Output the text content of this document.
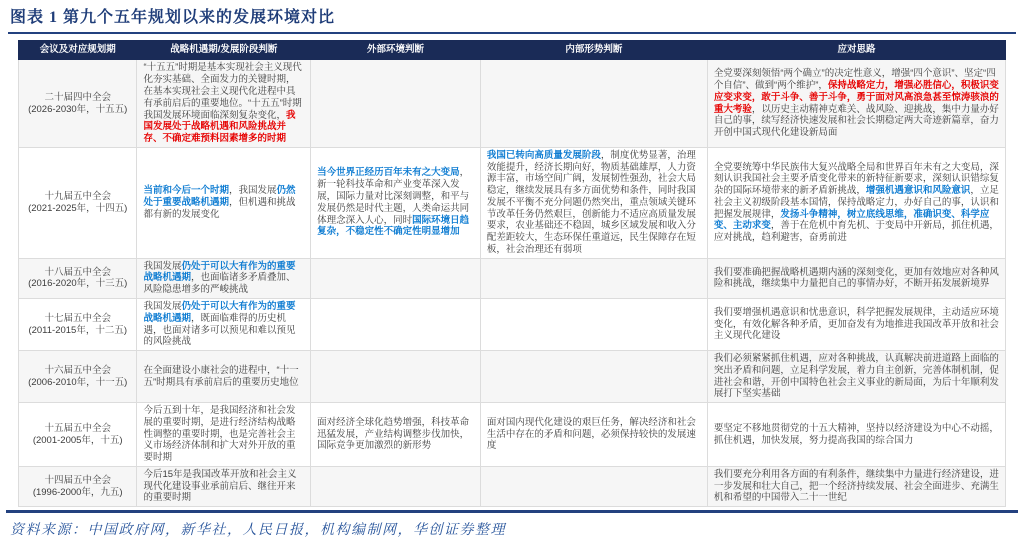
图表 1 第九个五年规划以来的发展环境对比
会议及对应规划期	战略机遇期/发展阶段判断	外部环境判断	内部形势判断	应对思路

二十届四中全会
(2026-2030年，十五五)	“十五五”时期是基本实现社会主义现代化夯实基础、全面发力的关键时期，在基本实现社会主义现代化进程中具有承前启后的重要地位。“十五五”时期我国发展环境面临深刻复杂变化，我国发展处于战略机遇和风险挑战并存、不确定难预料因素增多的时期			全党要深刻领悟“两个确立”的决定性意义，增强“四个意识”、坚定“四个自信”、做到“两个维护”，保持战略定力，增强必胜信心，积极识变应变求变，敢于斗争、善于斗争，勇于面对风高浪急甚至惊涛骇浪的重大考验，以历史主动精神克难关、战风险、迎挑战，集中力量办好自己的事，续写经济快速发展和社会长期稳定两大奇迹新篇章，奋力开创中国式现代化建设新局面

十九届五中全会
(2021-2025年，十四五)	当前和今后一个时期，我国发展仍然处于重要战略机遇期，但机遇和挑战都有新的发展变化	当今世界正经历百年未有之大变局，新一轮科技革命和产业变革深入发展，国际力量对比深刻调整，和平与发展仍然是时代主题，人类命运共同体理念深入人心，同时国际环境日趋复杂，不稳定性不确定性明显增加	我国已转向高质量发展阶段，制度优势显著，治理效能提升，经济长期向好，物质基础雄厚，人力资源丰富，市场空间广阔，发展韧性强劲，社会大局稳定，继续发展具有多方面优势和条件，同时我国发展不平衡不充分问题仍然突出，重点领域关键环节改革任务仍然艰巨，创新能力不适应高质量发展要求，农业基础还不稳固，城乡区域发展和收入分配差距较大，生态环保任重道远，民生保障存在短板，社会治理还有弱项	全党要统筹中华民族伟大复兴战略全局和世界百年未有之大变局，深刻认识我国社会主要矛盾变化带来的新特征新要求，深刻认识错综复杂的国际环境带来的新矛盾新挑战，增强机遇意识和风险意识，立足社会主义初级阶段基本国情，保持战略定力，办好自己的事，认识和把握发展规律，发扬斗争精神，树立底线思维，准确识变、科学应变、主动求变，善于在危机中育先机、于变局中开新局，抓住机遇，应对挑战，趋利避害，奋勇前进

十八届五中全会
(2016-2020年，十三五)	我国发展仍处于可以大有作为的重要战略机遇期，也面临诸多矛盾叠加、风险隐患增多的严峻挑战			我们要准确把握战略机遇期内涵的深刻变化，更加有效地应对各种风险和挑战，继续集中力量把自己的事情办好，不断开拓发展新境界

十七届五中全会
(2011-2015年，十二五)	我国发展仍处于可以大有作为的重要战略机遇期，既面临难得的历史机遇，也面对诸多可以预见和难以预见的风险挑战			我们要增强机遇意识和忧患意识，科学把握发展规律，主动适应环境变化，有效化解各种矛盾，更加奋发有为地推进我国改革开放和社会主义现代化建设

十六届五中全会
(2006-2010年，十一五)	在全面建设小康社会的进程中，“十一五”时期具有承前启后的重要历史地位			我们必须紧紧抓住机遇，应对各种挑战，认真解决前进道路上面临的突出矛盾和问题，立足科学发展，着力自主创新，完善体制机制，促进社会和谐，开创中国特色社会主义事业的新局面，为后十年顺利发展打下坚实基础

十五届五中全会
(2001-2005年，十五)	今后五到十年，是我国经济和社会发展的重要时期，是进行经济结构战略性调整的重要时期，也是完善社会主义市场经济体制和扩大对外开放的重要时期	面对经济全球化趋势增强，科技革命迅猛发展，产业结构调整步伐加快，国际竞争更加激烈的新形势	面对国内现代化建设的艰巨任务，解决经济和社会生活中存在的矛盾和问题，必须保持较快的发展速度	要坚定不移地贯彻党的十五大精神，坚持以经济建设为中心不动摇，抓住机遇，加快发展，努力提高我国的综合国力

十四届五中全会
(1996-2000年，九五)	今后15年是我国改革开放和社会主义现代化建设事业承前启后、继往开来的重要时期			我们要充分利用各方面的有利条件，继续集中力量进行经济建设，进一步发展和壮大自己，把一个经济持续发展、社会全面进步、充满生机和希望的中国带入二十一世纪
资料来源：中国政府网，新华社，人民日报，机构编制网，华创证券整理
